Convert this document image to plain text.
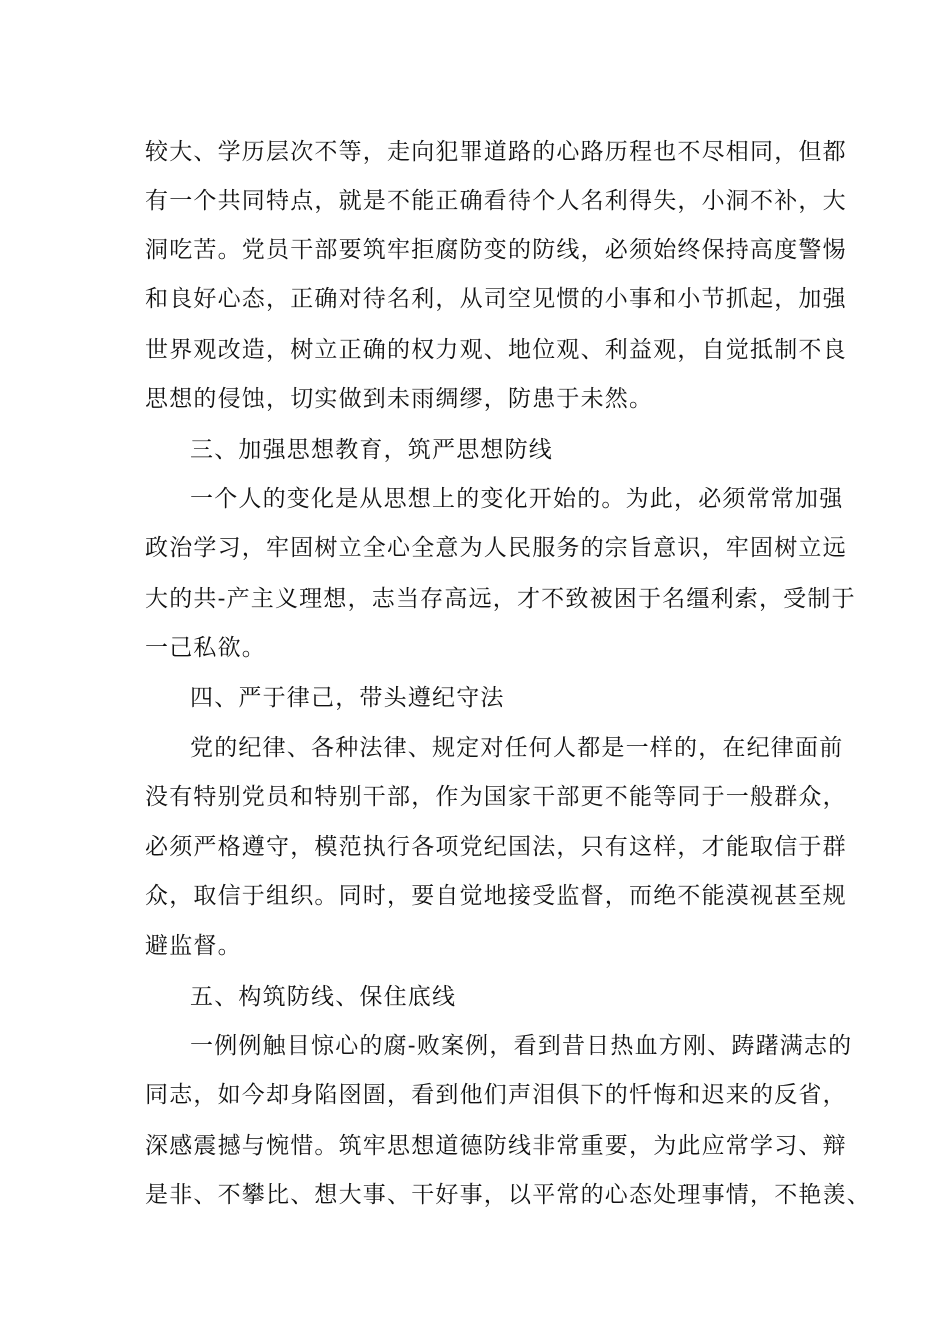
较大、学历层次不等，走向犯罪道路的心路历程也不尽相同，但都

有一个共同特点，就是不能正确看待个人名利得失，小洞不补，大

洞吃苦。党员干部要筑牢拒腐防变的防线，必须始终保持高度警惕

和良好心态，正确对待名利，从司空见惯的小事和小节抓起，加强

世界观改造，树立正确的权力观、地位观、利益观，自觉抵制不良

思想的侵蚀，切实做到未雨绸缪，防患于未然。

三、加强思想教育，筑严思想防线

一个人的变化是从思想上的变化开始的。为此，必须常常加强

政治学习，牢固树立全心全意为人民服务的宗旨意识，牢固树立远

大的共-产主义理想，志当存高远，才不致被困于名缰利索，受制于

一己私欲。

四、严于律己，带头遵纪守法

党的纪律、各种法律、规定对任何人都是一样的，在纪律面前

没有特别党员和特别干部，作为国家干部更不能等同于一般群众，

必须严格遵守，模范执行各项党纪国法，只有这样，才能取信于群

众，取信于组织。同时，要自觉地接受监督，而绝不能漠视甚至规

避监督。

五、构筑防线、保住底线

一例例触目惊心的腐-败案例，看到昔日热血方刚、踌躇满志的

同志，如今却身陷囹圄，看到他们声泪俱下的忏悔和迟来的反省，

深感震撼与惋惜。筑牢思想道德防线非常重要，为此应常学习、辩

是非、不攀比、想大事、干好事，以平常的心态处理事情，不艳羡、
